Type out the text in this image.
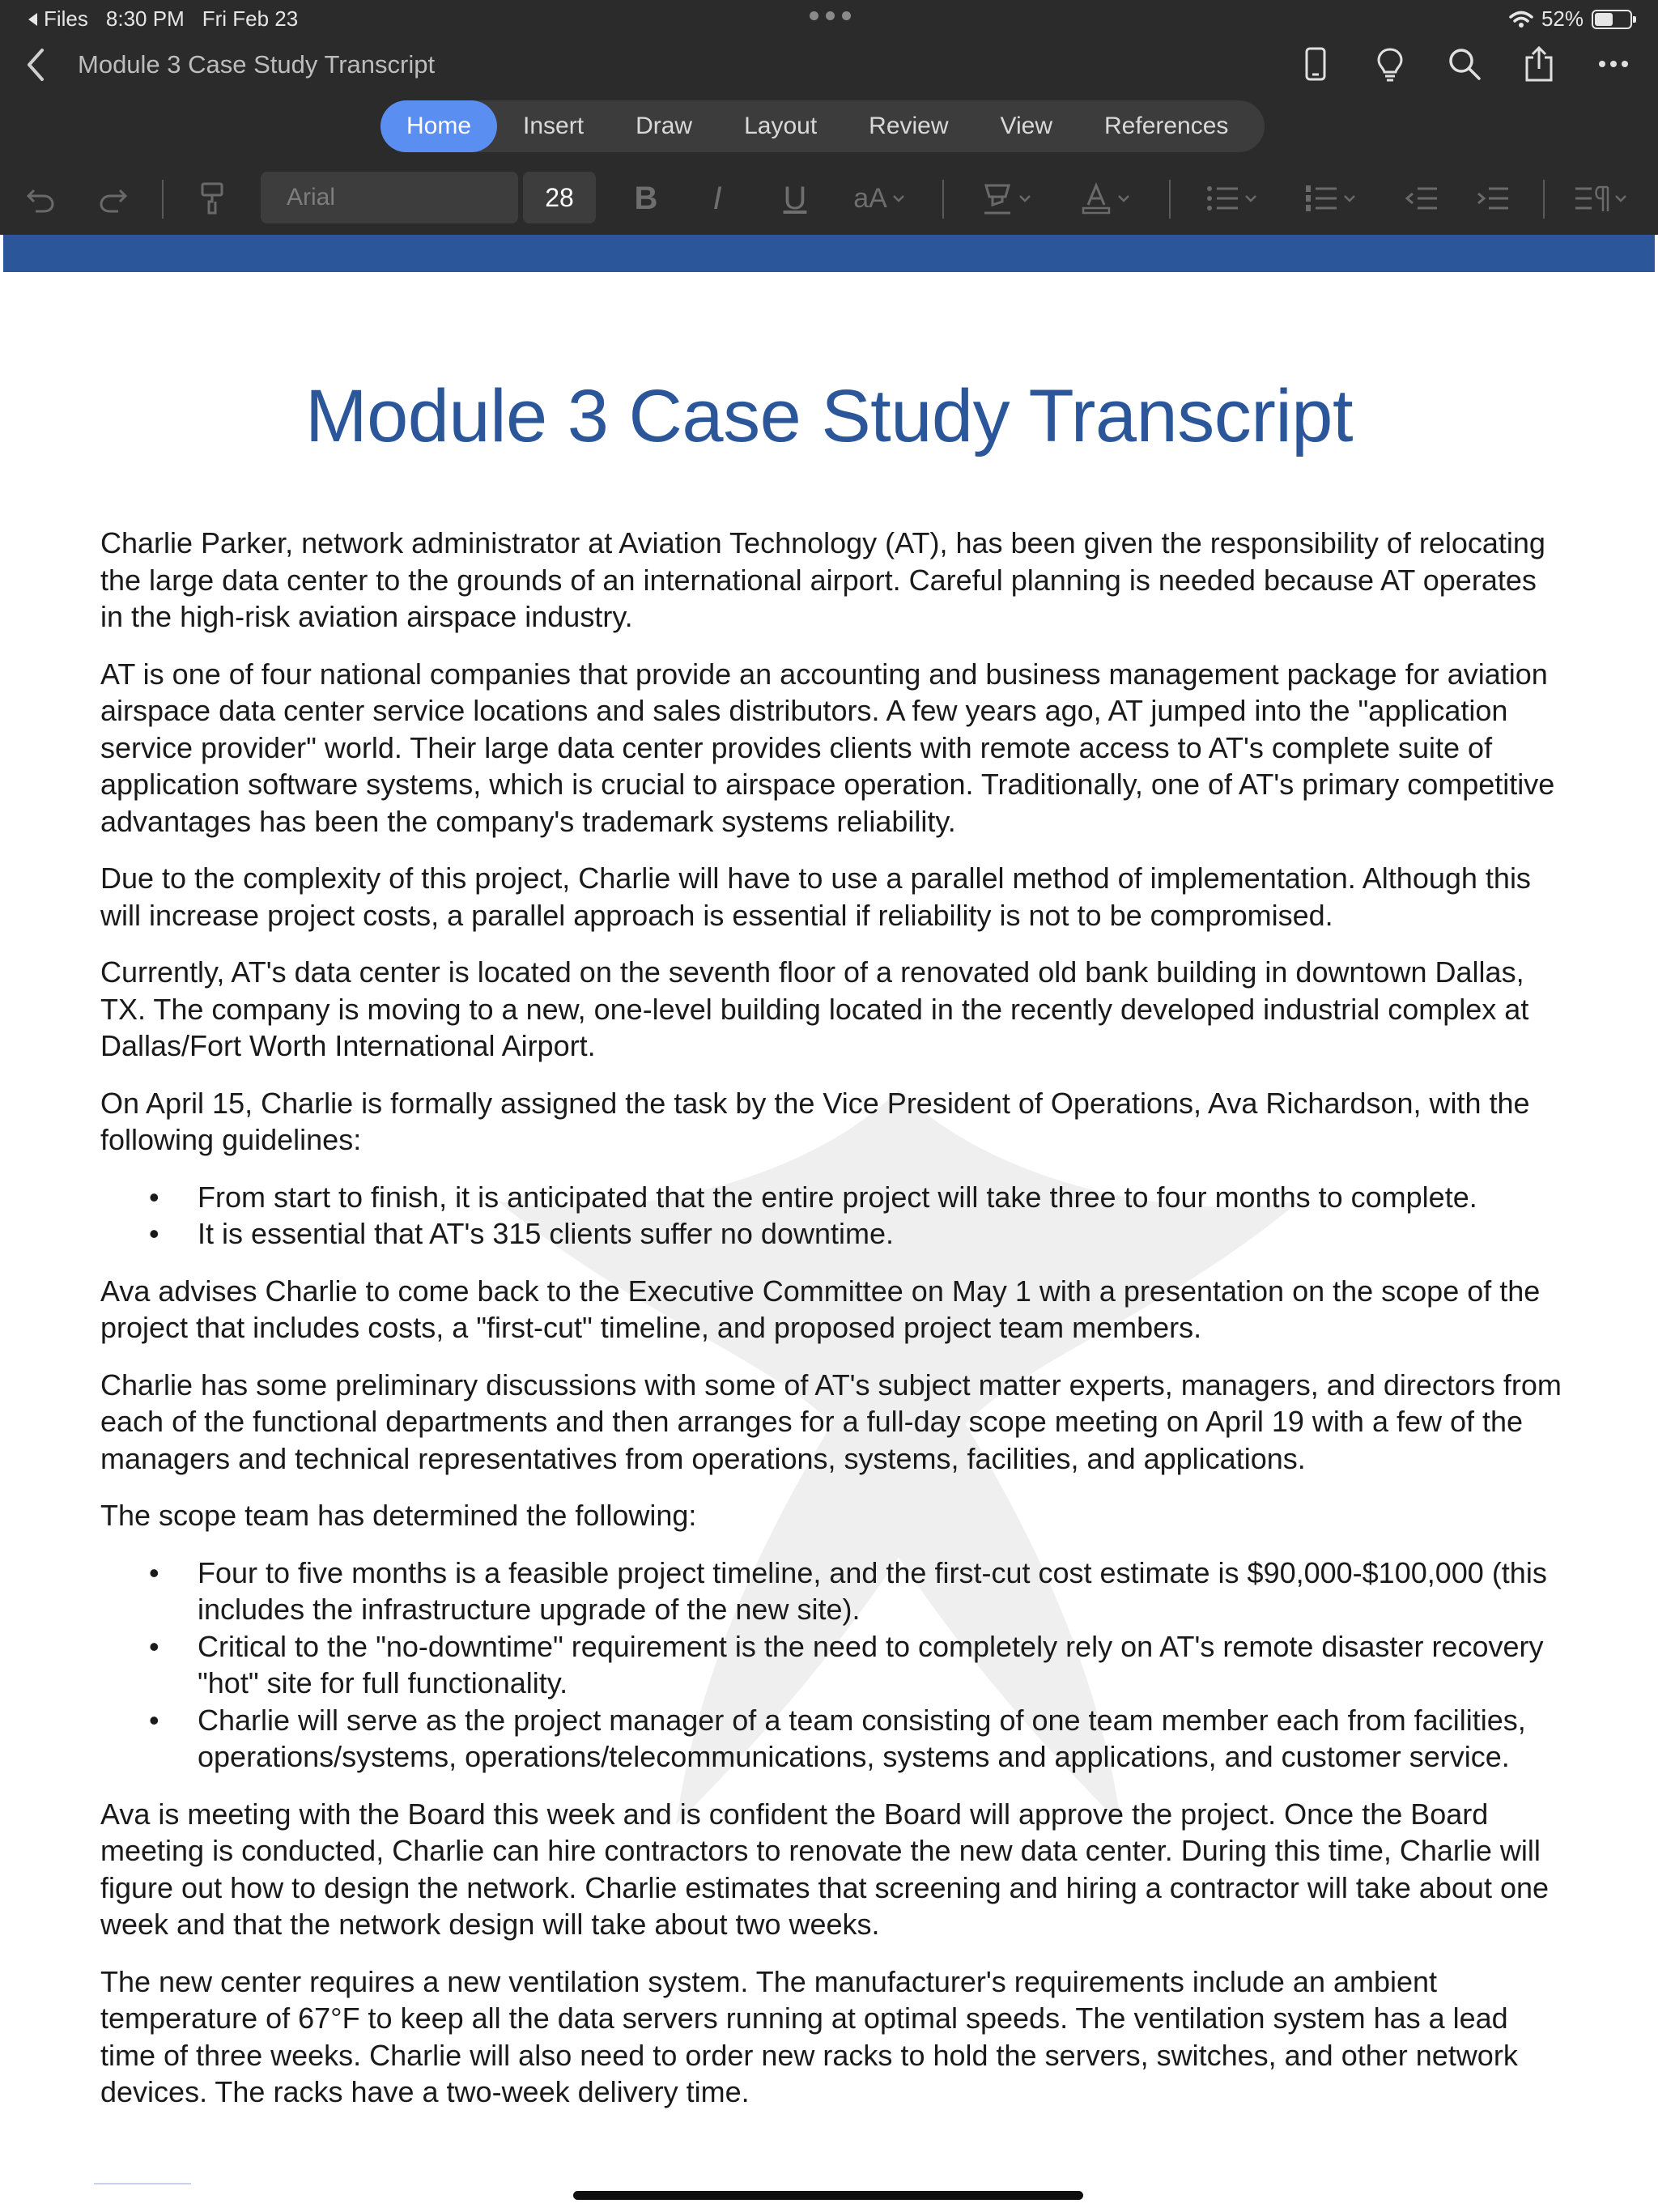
Files 8:30 PM Fri Feb 23	52%
Module 3 Case Study Transcript
Home	Insert	Draw	Layout	Review	View	References
Arial	28	B	I	U aA
Module 3 Case Study Transcript

Charlie Parker, network administrator at Aviation Technology (AT), has been given the responsibility of relocating the large data center to the grounds of an international airport. Careful planning is needed because AT operates in the high-risk aviation airspace industry.

AT is one of four national companies that provide an accounting and business management package for aviation airspace data center service locations and sales distributors. A few years ago, AT jumped into the "application service provider" world. Their large data center provides clients with remote access to AT's complete suite of application software systems, which is crucial to airspace operation. Traditionally, one of AT's primary competitive advantages has been the company's trademark systems reliability.

Due to the complexity of this project, Charlie will have to use a parallel method of implementation. Although this will increase project costs, a parallel approach is essential if reliability is not to be compromised.

Currently, AT's data center is located on the seventh floor of a renovated old bank building in downtown Dallas, TX. The company is moving to a new, one-level building located in the recently developed industrial complex at Dallas/Fort Worth International Airport.

On April 15, Charlie is formally assigned the task by the Vice President of Operations, Ava Richardson, with the following guidelines:

• From start to finish, it is anticipated that the entire project will take three to four months to complete.
• It is essential that AT's 315 clients suffer no downtime.

Ava advises Charlie to come back to the Executive Committee on May 1 with a presentation on the scope of the project that includes costs, a "first-cut" timeline, and proposed project team members.

Charlie has some preliminary discussions with some of AT's subject matter experts, managers, and directors from each of the functional departments and then arranges for a full-day scope meeting on April 19 with a few of the managers and technical representatives from operations, systems, facilities, and applications.

The scope team has determined the following:

• Four to five months is a feasible project timeline, and the first-cut cost estimate is $90,000-$100,000 (this includes the infrastructure upgrade of the new site).
• Critical to the "no-downtime" requirement is the need to completely rely on AT's remote disaster recovery "hot" site for full functionality.
• Charlie will serve as the project manager of a team consisting of one team member each from facilities, operations/systems, operations/telecommunications, systems and applications, and customer service.

Ava is meeting with the Board this week and is confident the Board will approve the project. Once the Board meeting is conducted, Charlie can hire contractors to renovate the new data center. During this time, Charlie will figure out how to design the network. Charlie estimates that screening and hiring a contractor will take about one week and that the network design will take about two weeks.

The new center requires a new ventilation system. The manufacturer's requirements include an ambient temperature of 67°F to keep all the data servers running at optimal speeds. The ventilation system has a lead time of three weeks. Charlie will also need to order new racks to hold the servers, switches, and other network devices. The racks have a two-week delivery time.
